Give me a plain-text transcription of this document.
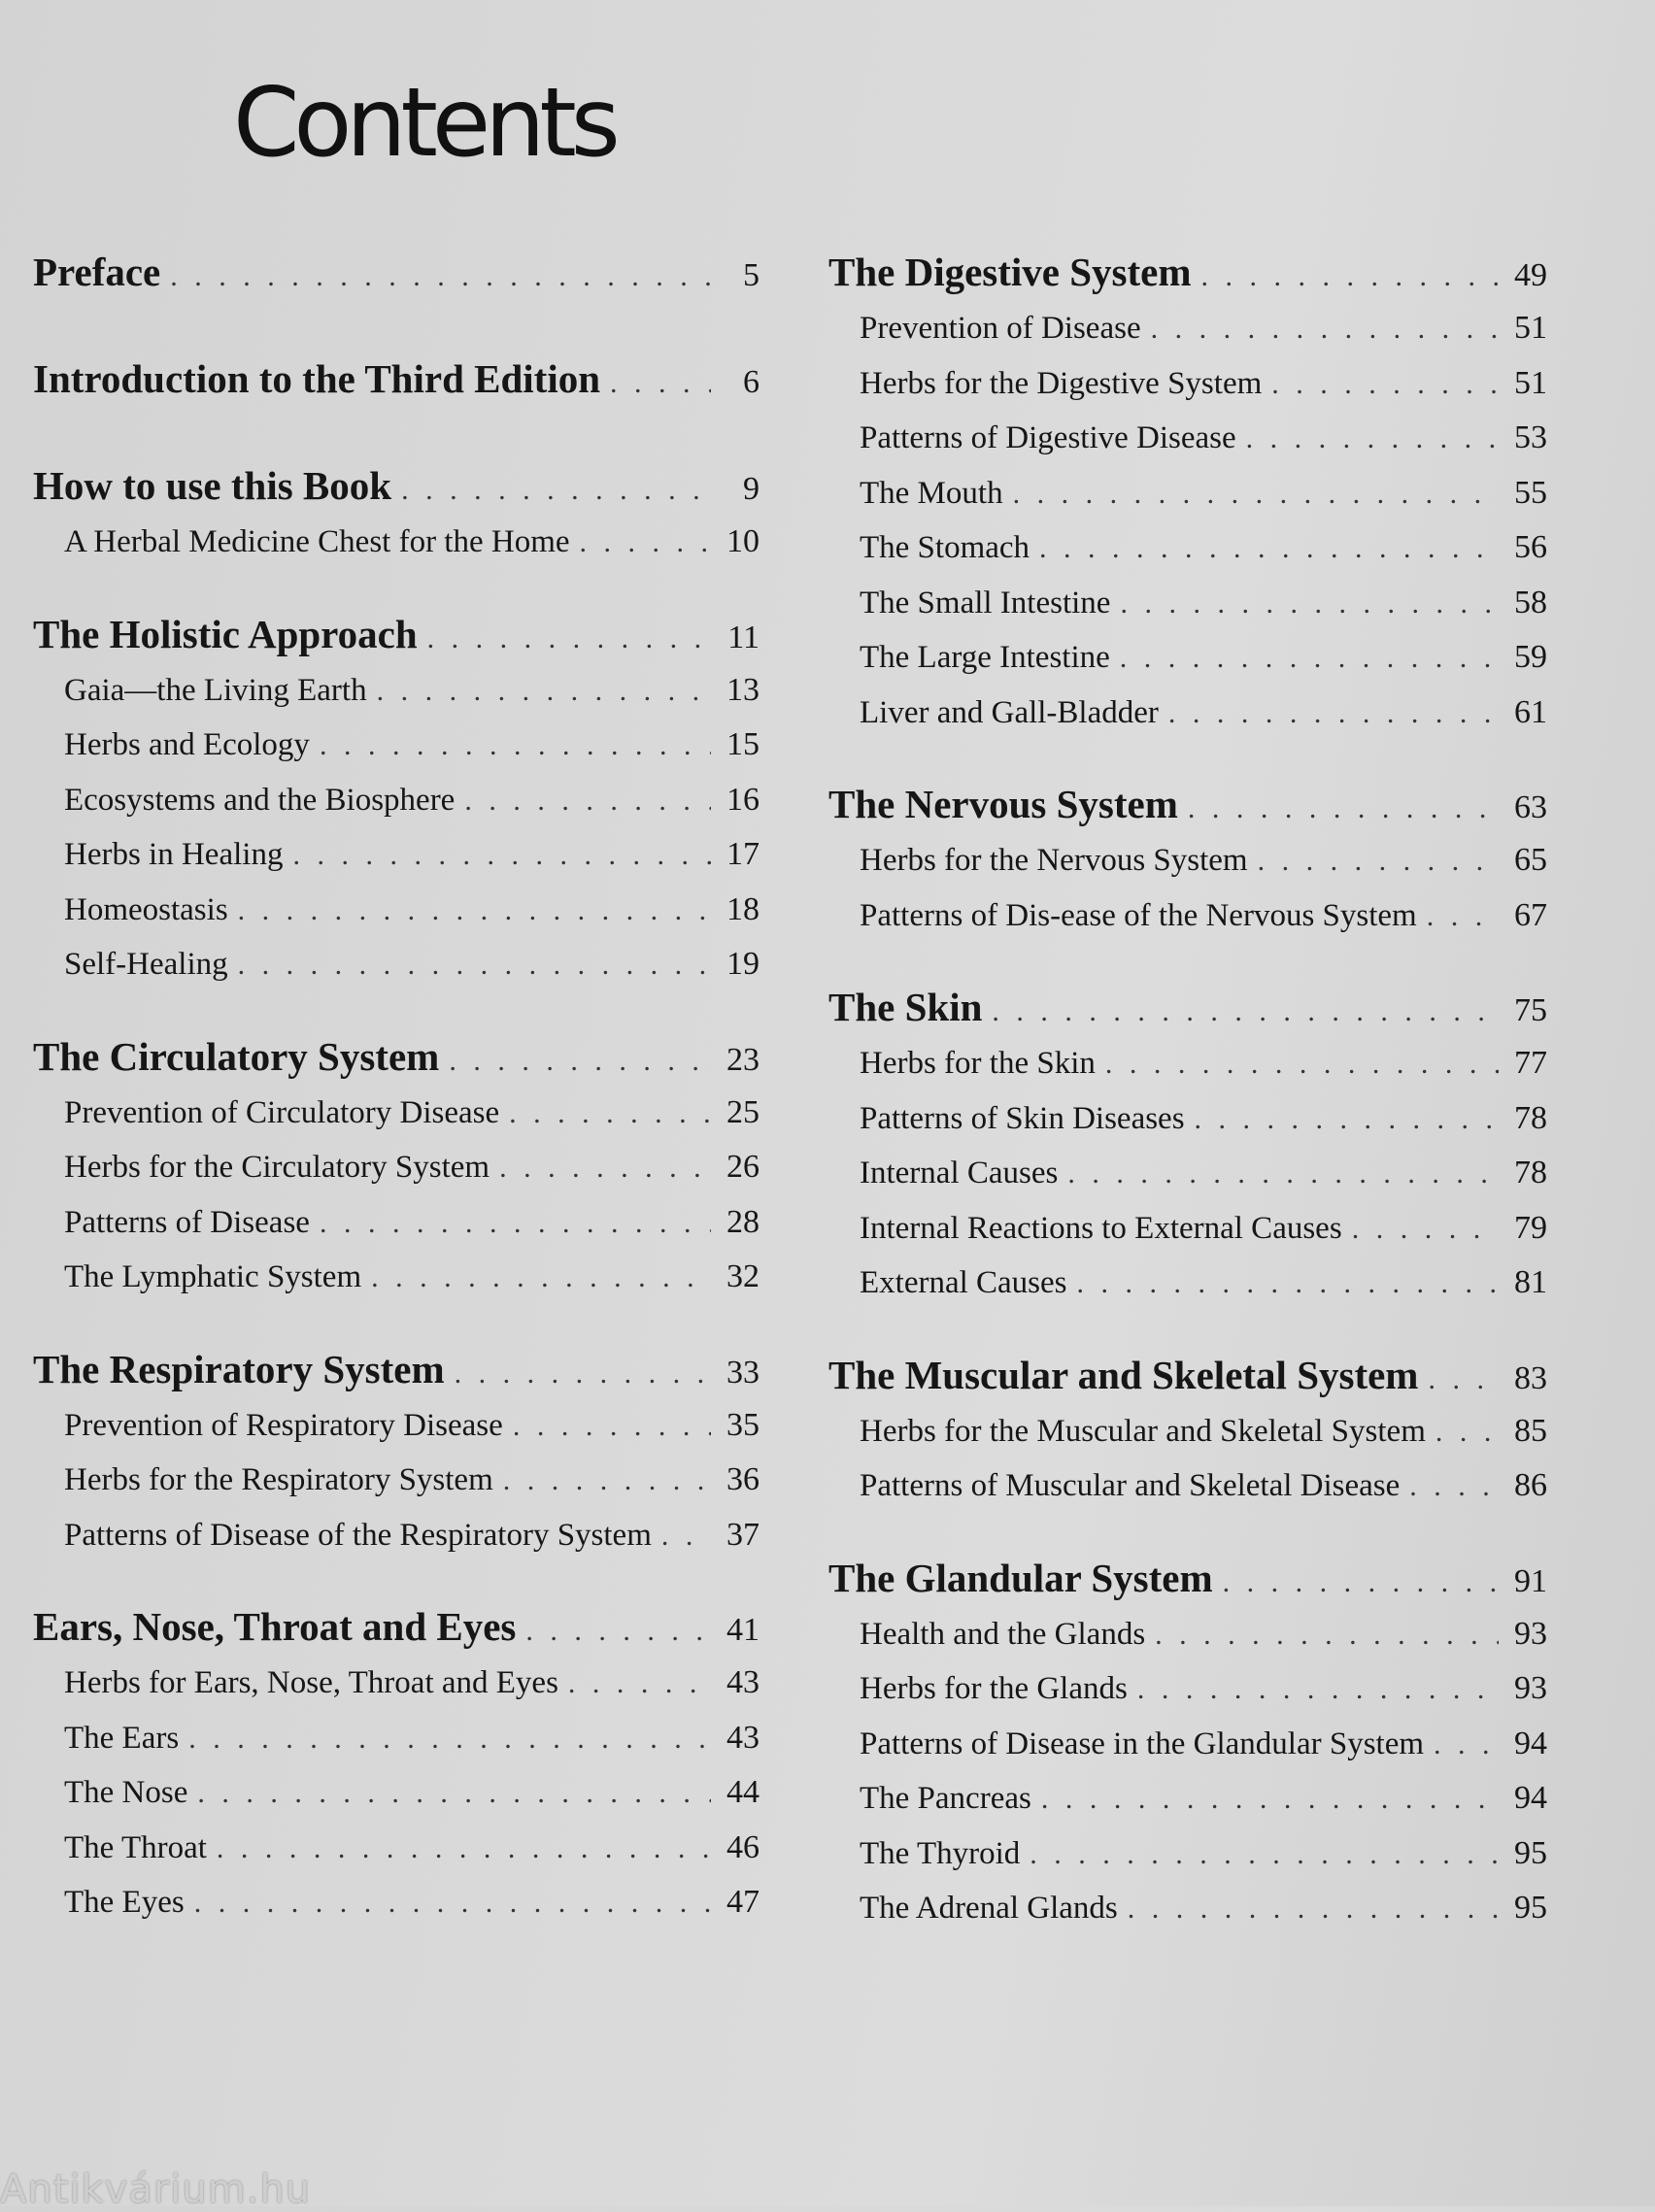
Contents
Preface . . .	5
Introduction to the Third Edition . . .	6
How to use this Book . . .	9
A Herbal Medicine Chest for the Home . . .	10
The Holistic Approach . . .	11
Gaia—the Living Earth . . .	13
Herbs and Ecology . . .	15
Ecosystems and the Biosphere . . .	16
Herbs in Healing . . .	17
Homeostasis . . .	18
Self-Healing . . .	19
The Circulatory System . . .	23
Prevention of Circulatory Disease . . .	25
Herbs for the Circulatory System . . .	26
Patterns of Disease . . .	28
The Lymphatic System . . .	32
The Respiratory System . . .	33
Prevention of Respiratory Disease . . .	35
Herbs for the Respiratory System . . .	36
Patterns of Disease of the Respiratory System . . . 37
Ears, Nose, Throat and Eyes . . .	41
Herbs for Ears, Nose, Throat and Eyes . . .	43
The Ears . . .	43
The Nose . . .	44
The Throat . . .	46
The Eyes . . .	47
The Digestive System . . .	49
Prevention of Disease . . .	51
Herbs for the Digestive System . . .	51
Patterns of Digestive Disease . . .	53
The Mouth . . .	55
The Stomach . . .	56
The Small Intestine . . .	58
The Large Intestine . . .	59
Liver and Gall-Bladder . . .	61
The Nervous System . . .	63
Herbs for the Nervous System . . .	65
Patterns of Dis-ease of the Nervous System . . .	67
The Skin . . .	75
Herbs for the Skin . . .	77
Patterns of Skin Diseases . . .	78
Internal Causes . . .	78
Internal Reactions to External Causes . . .	79
External Causes . . .	81
The Muscular and Skeletal System . . .	83
Herbs for the Muscular and Skeletal System . . .	85
Patterns of Muscular and Skeletal Disease . . .	86
The Glandular System . . .	91
Health and the Glands . . .	93
Herbs for the Glands . . .	93
Patterns of Disease in the Glandular System . . .	94
The Pancreas . . .	94
The Thyroid . . .	95
The Adrenal Glands . . .	95
Antikvárium.hu
